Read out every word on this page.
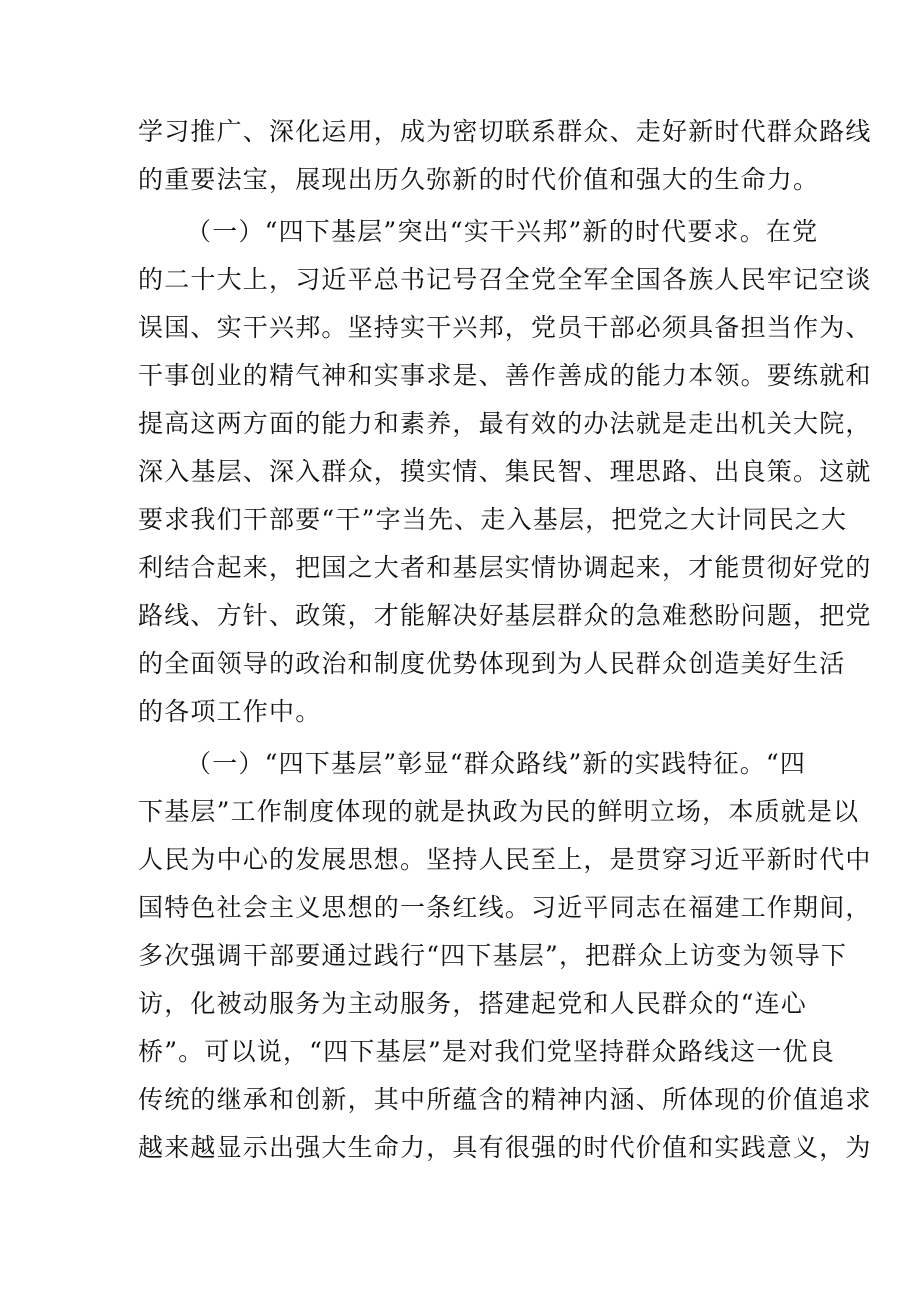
学习推广、深化运用，成为密切联系群众、走好新时代群众路线
的重要法宝，展现出历久弥新的时代价值和强大的生命力。
（一）“四下基层”突出“实干兴邦”新的时代要求。在党
的二十大上，习近平总书记号召全党全军全国各族人民牢记空谈
误国、实干兴邦。坚持实干兴邦，党员干部必须具备担当作为、
干事创业的精气神和实事求是、善作善成的能力本领。要练就和
提高这两方面的能力和素养，最有效的办法就是走出机关大院，
深入基层、深入群众，摸实情、集民智、理思路、出良策。这就
要求我们干部要“干”字当先、走入基层，把党之大计同民之大
利结合起来，把国之大者和基层实情协调起来，才能贯彻好党的
路线、方针、政策，才能解决好基层群众的急难愁盼问题，把党
的全面领导的政治和制度优势体现到为人民群众创造美好生活
的各项工作中。
（一）“四下基层”彰显“群众路线”新的实践特征。“四
下基层”工作制度体现的就是执政为民的鲜明立场，本质就是以
人民为中心的发展思想。坚持人民至上，是贯穿习近平新时代中
国特色社会主义思想的一条红线。习近平同志在福建工作期间，
多次强调干部要通过践行“四下基层”，把群众上访变为领导下
访，化被动服务为主动服务，搭建起党和人民群众的“连心
桥”。可以说，“四下基层”是对我们党坚持群众路线这一优良
传统的继承和创新，其中所蕴含的精神内涵、所体现的价值追求
越来越显示出强大生命力，具有很强的时代价值和实践意义，为
